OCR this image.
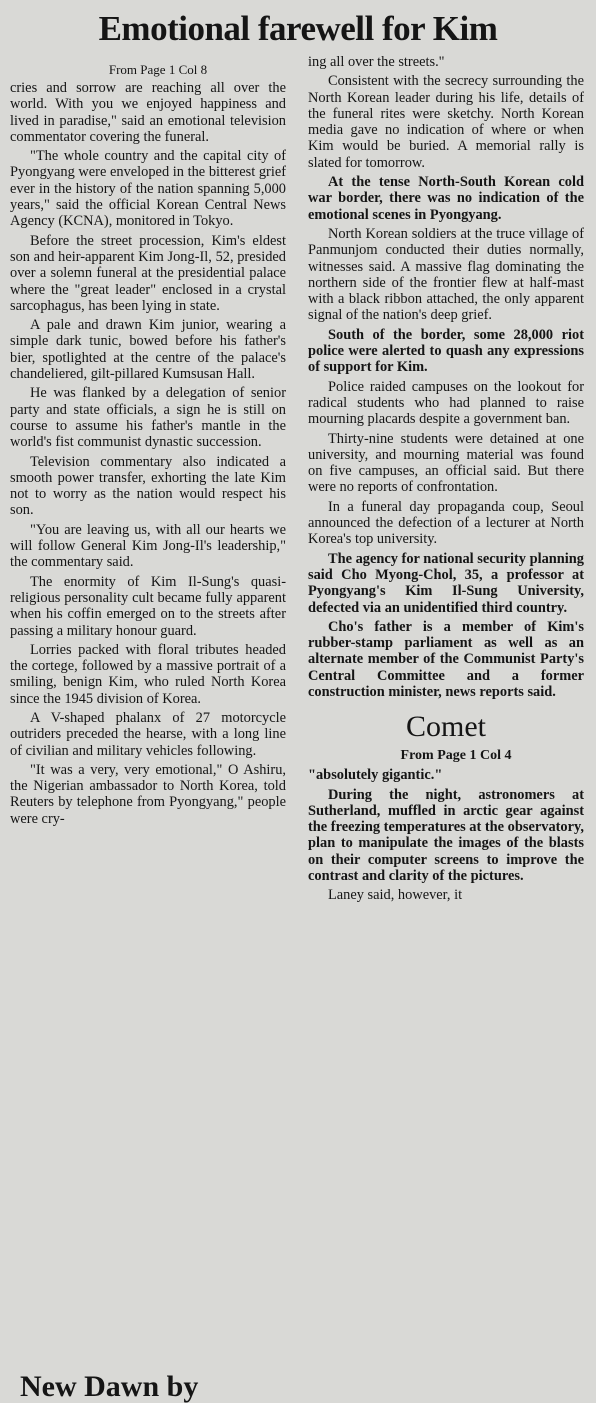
Emotional farewell for Kim

From Page 1 Col 8

cries and sorrow are reaching all over the world. With you we enjoyed happiness and lived in paradise," said an emotional television commentator covering the funeral.

"The whole country and the capital city of Pyongyang were enveloped in the bitterest grief ever in the history of the nation spanning 5,000 years," said the official Korean Central News Agency (KCNA), monitored in Tokyo.

Before the street procession, Kim's eldest son and heir-apparent Kim Jong-Il, 52, presided over a solemn funeral at the presidential palace where the "great leader" enclosed in a crystal sarcophagus, has been lying in state.

A pale and drawn Kim junior, wearing a simple dark tunic, bowed before his father's bier, spotlighted at the centre of the palace's chandeliered, gilt-pillared Kumsusan Hall.

He was flanked by a delegation of senior party and state officials, a sign he is still on course to assume his father's mantle in the world's fist communist dynastic succession.

Television commentary also indicated a smooth power transfer, exhorting the late Kim not to worry as the nation would respect his son.

"You are leaving us, with all our hearts we will follow General Kim Jong-Il's leadership," the commentary said.

The enormity of Kim Il-Sung's quasi-religious personality cult became fully apparent when his coffin emerged on to the streets after passing a military honour guard.

Lorries packed with floral tributes headed the cortege, followed by a massive portrait of a smiling, benign Kim, who ruled North Korea since the 1945 division of Korea.

A V-shaped phalanx of 27 motorcycle outriders preceded the hearse, with a long line of civilian and military vehicles following.

"It was a very, very emotional," O Ashiru, the Nigerian ambassador to North Korea, told Reuters by telephone from Pyongyang," people were cry-

ing all over the streets."

Consistent with the secrecy surrounding the North Korean leader during his life, details of the funeral rites were sketchy. North Korean media gave no indication of where or when Kim would be buried. A memorial rally is slated for tomorrow.

At the tense North-South Korean cold war border, there was no indication of the emotional scenes in Pyongyang.

North Korean soldiers at the truce village of Panmunjom conducted their duties normally, witnesses said. A massive flag dominating the northern side of the frontier flew at half-mast with a black ribbon attached, the only apparent signal of the nation's deep grief.

South of the border, some 28,000 riot police were alerted to quash any expressions of support for Kim.

Police raided campuses on the lookout for radical students who had planned to raise mourning placards despite a government ban.

Thirty-nine students were detained at one university, and mourning material was found on five campuses, an official said. But there were no reports of confrontation.

In a funeral day propaganda coup, Seoul announced the defection of a lecturer at North Korea's top university.

The agency for national security planning said Cho Myong-Chol, 35, a professor at Pyongyang's Kim Il-Sung University, defected via an unidentified third country.

Cho's father is a member of Kim's rubber-stamp parliament as well as an alternate member of the Communist Party's Central Committee and a former construction minister, news reports said.

Comet

From Page 1 Col 4

"absolutely gigantic."

During the night, astronomers at Sutherland, muffled in arctic gear against the freezing temperatures at the observatory, plan to manipulate the images of the blasts on their computer screens to improve the contrast and clarity of the pictures.

Laney said, however, it

New Dawn by
